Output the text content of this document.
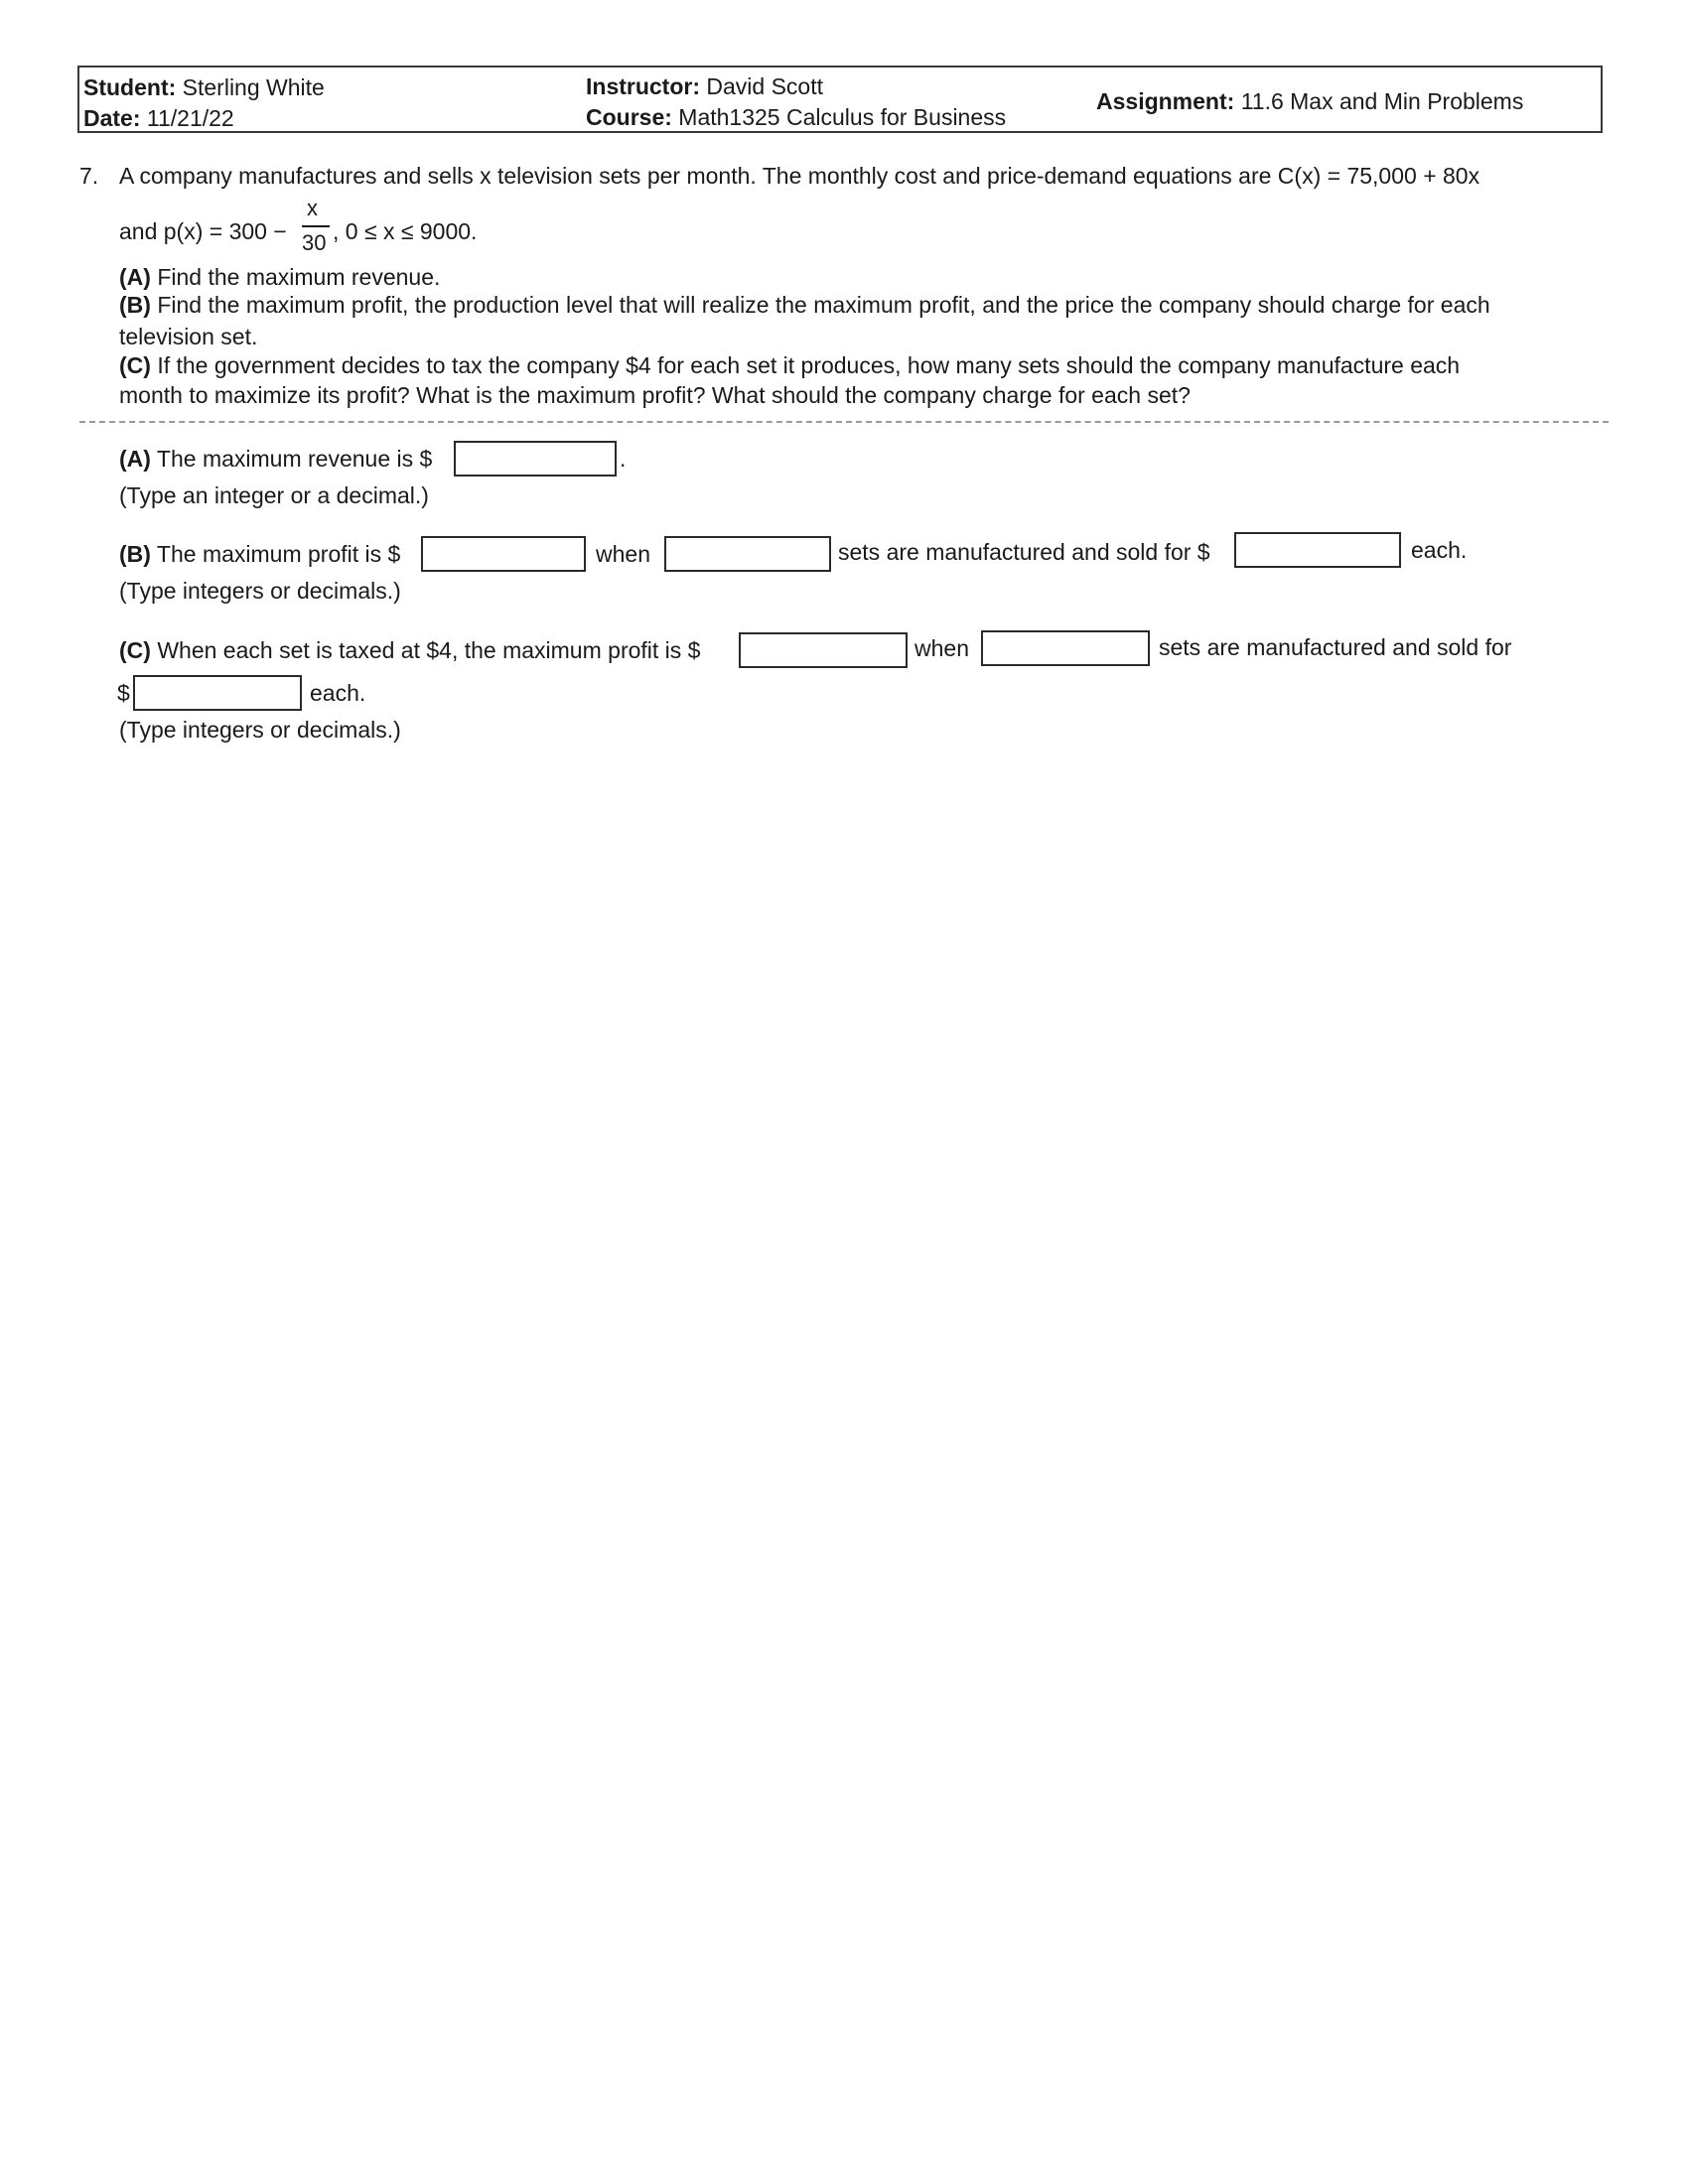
Student: Sterling White
Date: 11/21/22
Instructor: David Scott
Course: Math1325 Calculus for Business
Assignment: 11.6 Max and Min Problems
7. A company manufactures and sells x television sets per month. The monthly cost and price-demand equations are C(x) = 75,000 + 80x
and p(x) = 300 −
x
30 , 0 ≤ x ≤ 9000.
(A) Find the maximum revenue.
(B) Find the maximum profit, the production level that will realize the maximum profit, and the price the company should charge for each
television set.
(C) If the government decides to tax the company $4 for each set it produces, how many sets should the company manufacture each
month to maximize its profit? What is the maximum profit? What should the company charge for each set?
(A) The maximum revenue is $	.
(Type an integer or a decimal.)
(B) The maximum profit is $	when	sets are manufactured and sold for $	each.
(Type integers or decimals.)
(C) When each set is taxed at $4, the maximum profit is $	when	sets are manufactured and sold for
$	each.
(Type integers or decimals.)
